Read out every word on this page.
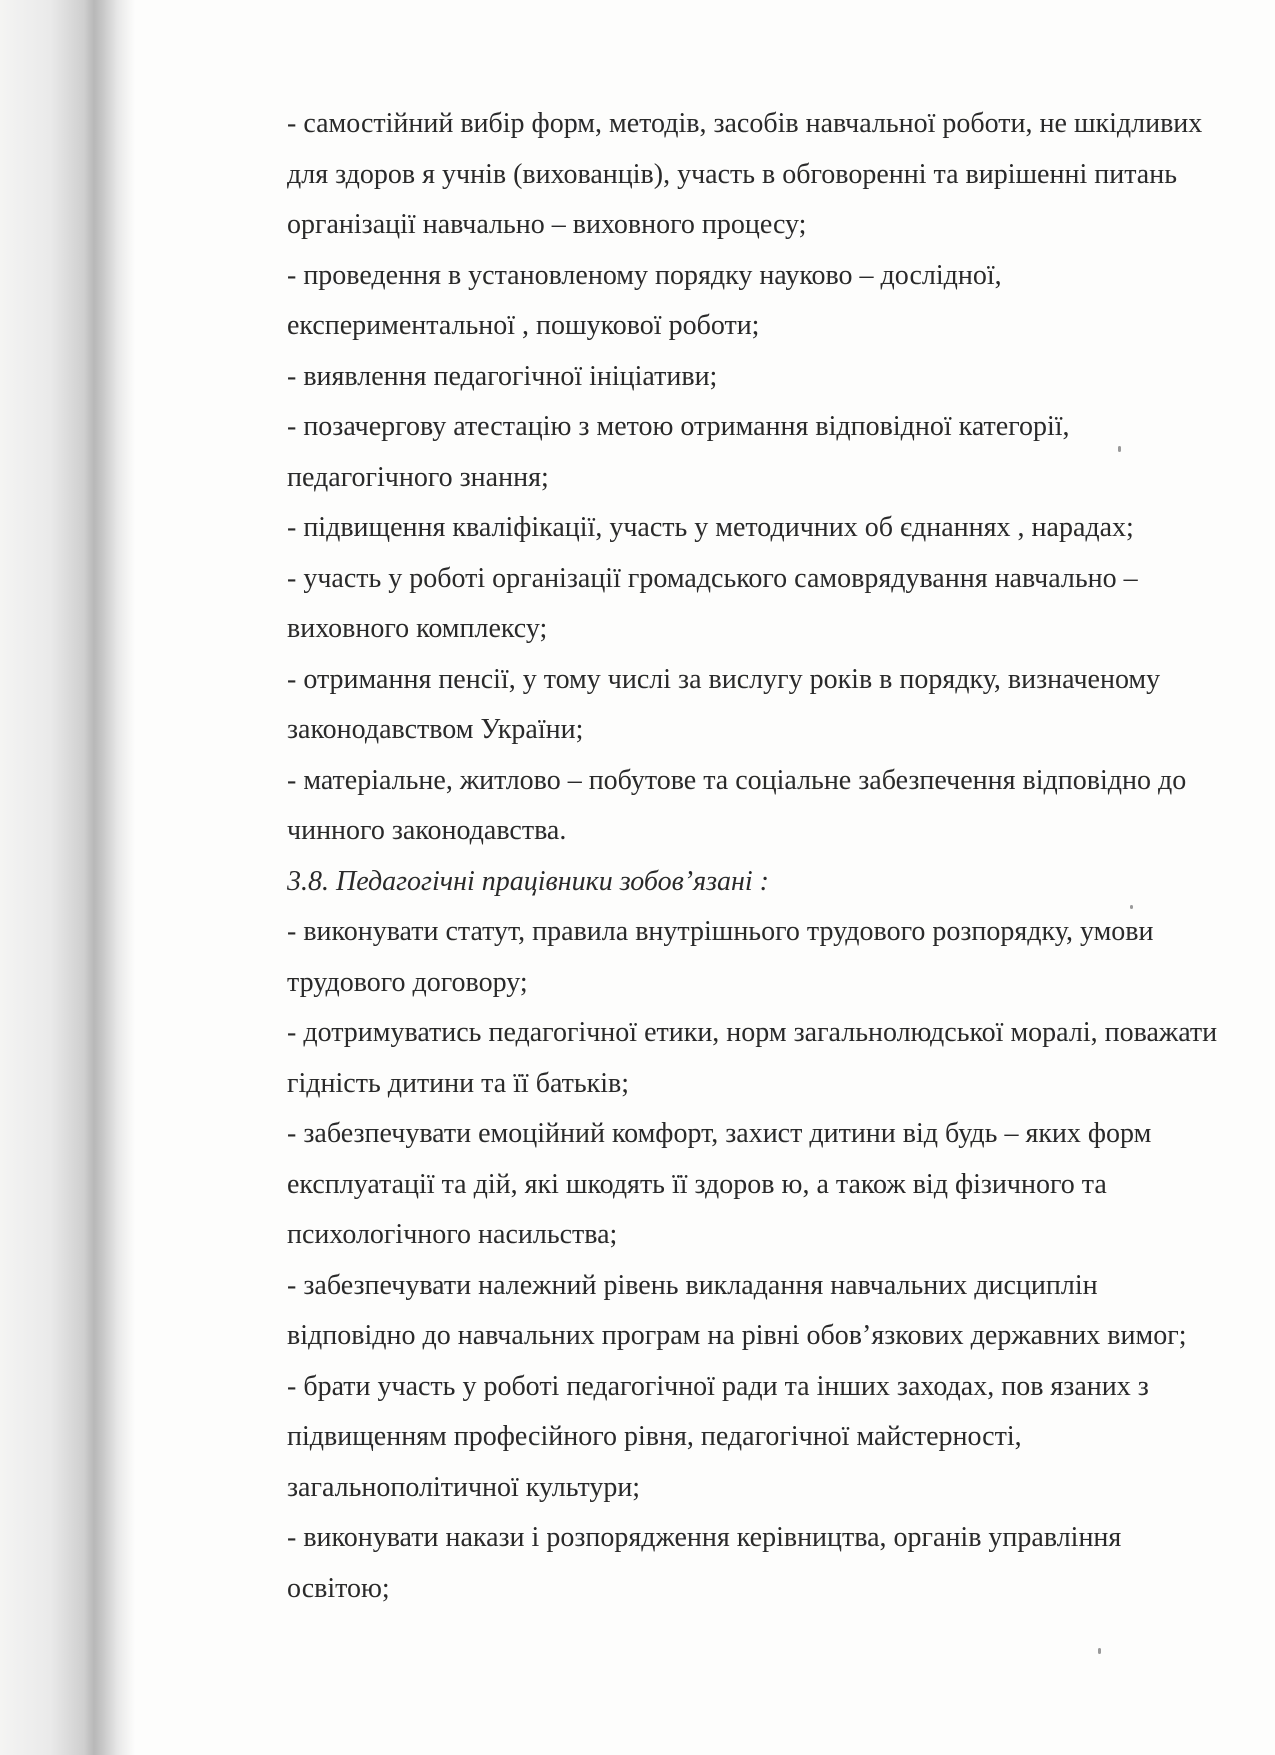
- самостійний вибір форм, методів, засобів навчальної роботи, не шкідливих
для здоров я учнів (вихованців), участь в обговоренні та вирішенні питань
організації навчально – виховного процесу;
- проведення в установленому порядку науково – дослідної,
експериментальної , пошукової роботи;
- виявлення педагогічної ініціативи;
- позачергову атестацію з метою отримання відповідної категорії,
педагогічного знання;
- підвищення кваліфікації, участь у методичних об єднаннях , нарадах;
- участь у роботі організації громадського самоврядування навчально –
виховного комплексу;
- отримання пенсії, у тому числі за вислугу років в порядку, визначеному
законодавством України;
- матеріальне, житлово – побутове та соціальне забезпечення відповідно до
чинного законодавства.
3.8. Педагогічні працівники зобов’язані :
- виконувати статут, правила внутрішнього трудового розпорядку, умови
трудового договору;
- дотримуватись педагогічної етики, норм загальнолюдської моралі, поважати
гідність дитини та її батьків;
- забезпечувати емоційний комфорт, захист дитини від будь – яких форм
експлуатації та дій, які шкодять її здоров ю, а також від фізичного та
психологічного насильства;
- забезпечувати належний рівень викладання навчальних дисциплін
відповідно до навчальних програм на рівні обов’язкових державних вимог;
- брати участь у роботі педагогічної ради та інших заходах, пов язаних з
підвищенням професійного рівня, педагогічної майстерності,
загальнополітичної культури;
- виконувати накази і розпорядження керівництва, органів управління
освітою;
